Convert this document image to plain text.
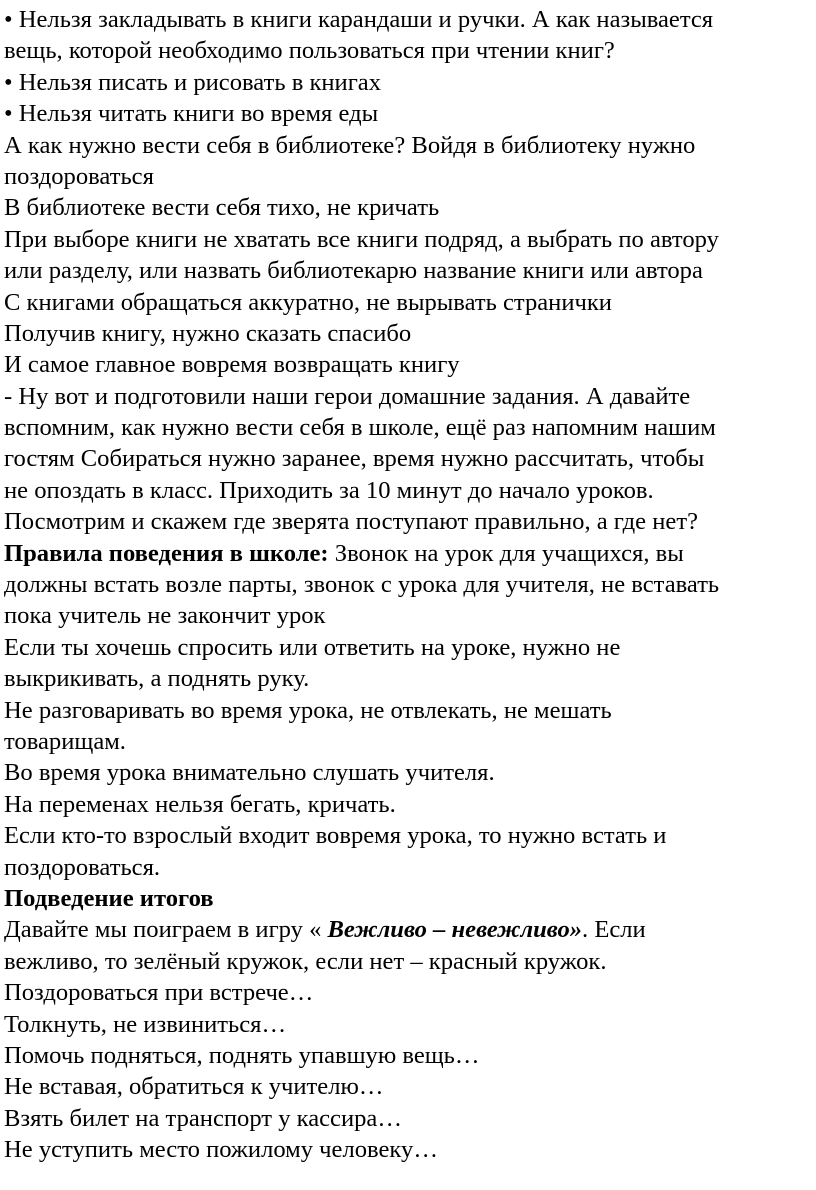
• Нельзя закладывать в книги карандаши и ручки. А как называется
вещь, которой необходимо пользоваться при чтении книг?
• Нельзя писать и рисовать в книгах
• Нельзя читать книги во время еды
А как нужно вести себя в библиотеке? Войдя в библиотеку нужно
поздороваться
В библиотеке вести себя тихо, не кричать
При выборе книги не хватать все книги подряд, а выбрать по автору
или разделу, или назвать библиотекарю название книги или автора
С книгами обращаться аккуратно, не вырывать странички
Получив книгу, нужно сказать спасибо
И самое главное вовремя возвращать книгу
- Ну вот и подготовили наши герои домашние задания. А давайте
вспомним, как нужно вести себя в школе, ещё раз напомним нашим
гостям Собираться нужно заранее, время нужно рассчитать, чтобы
не опоздать в класс. Приходить за 10 минут до начало уроков.
Посмотрим и скажем где зверята поступают правильно, а где нет?
Правила поведения в школе: Звонок на урок для учащихся, вы
должны встать возле парты, звонок с урока для учителя, не вставать
пока учитель не закончит урок
Если ты хочешь спросить или ответить на уроке, нужно не
выкрикивать, а поднять руку.
Не разговаривать во время урока, не отвлекать, не мешать
товарищам.
Во время урока внимательно слушать учителя.
На переменах нельзя бегать, кричать.
Если кто-то взрослый входит вовремя урока, то нужно встать и
поздороваться.
Подведение итогов
Давайте мы поиграем в игру « Вежливо – невежливо». Если
вежливо, то зелёный кружок, если нет – красный кружок.
Поздороваться при встрече…
Толкнуть, не извиниться…
Помочь подняться, поднять упавшую вещь…
Не вставая, обратиться к учителю…
Взять билет на транспорт у кассира…
Не уступить место пожилому человеку…
